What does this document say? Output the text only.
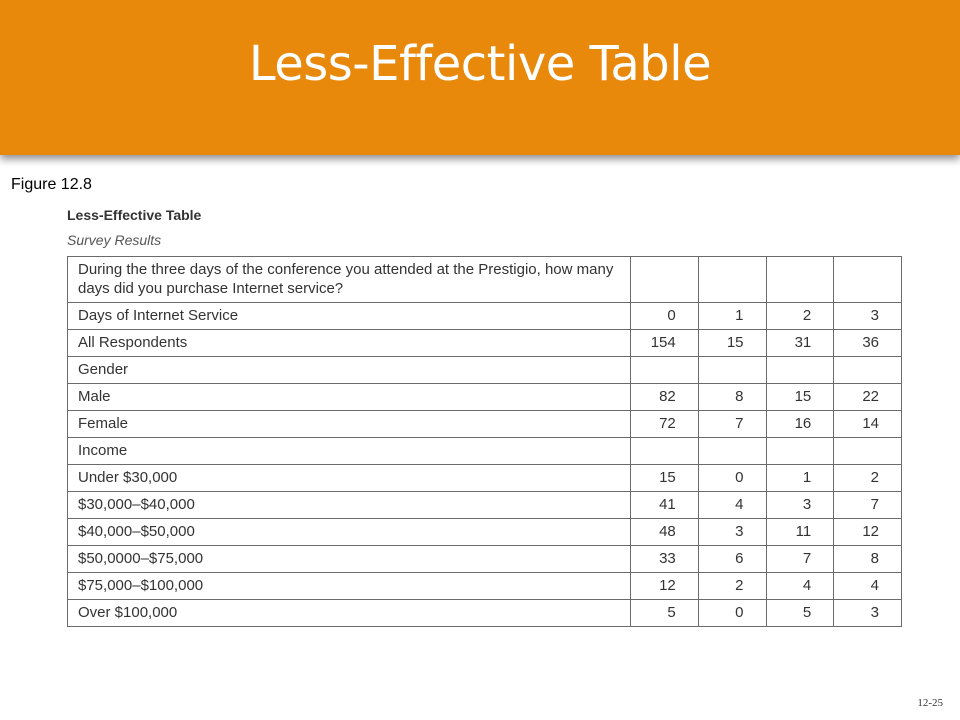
Less-Effective Table
Figure 12.8
Less-Effective Table
Survey Results
During the three days of the conference you attended at the Prestigio, how many days did you purchase Internet service?				
Days of Internet Service	0	1	2	3
All Respondents	154	15	31	36
Gender				
Male	82	8	15	22
Female	72	7	16	14
Income				
Under $30,000	15	0	1	2
$30,000–$40,000	41	4	3	7
$40,000–$50,000	48	3	11	12
$50,0000–$75,000	33	6	7	8
$75,000–$100,000	12	2	4	4
Over $100,000	5	0	5	3
12-25
